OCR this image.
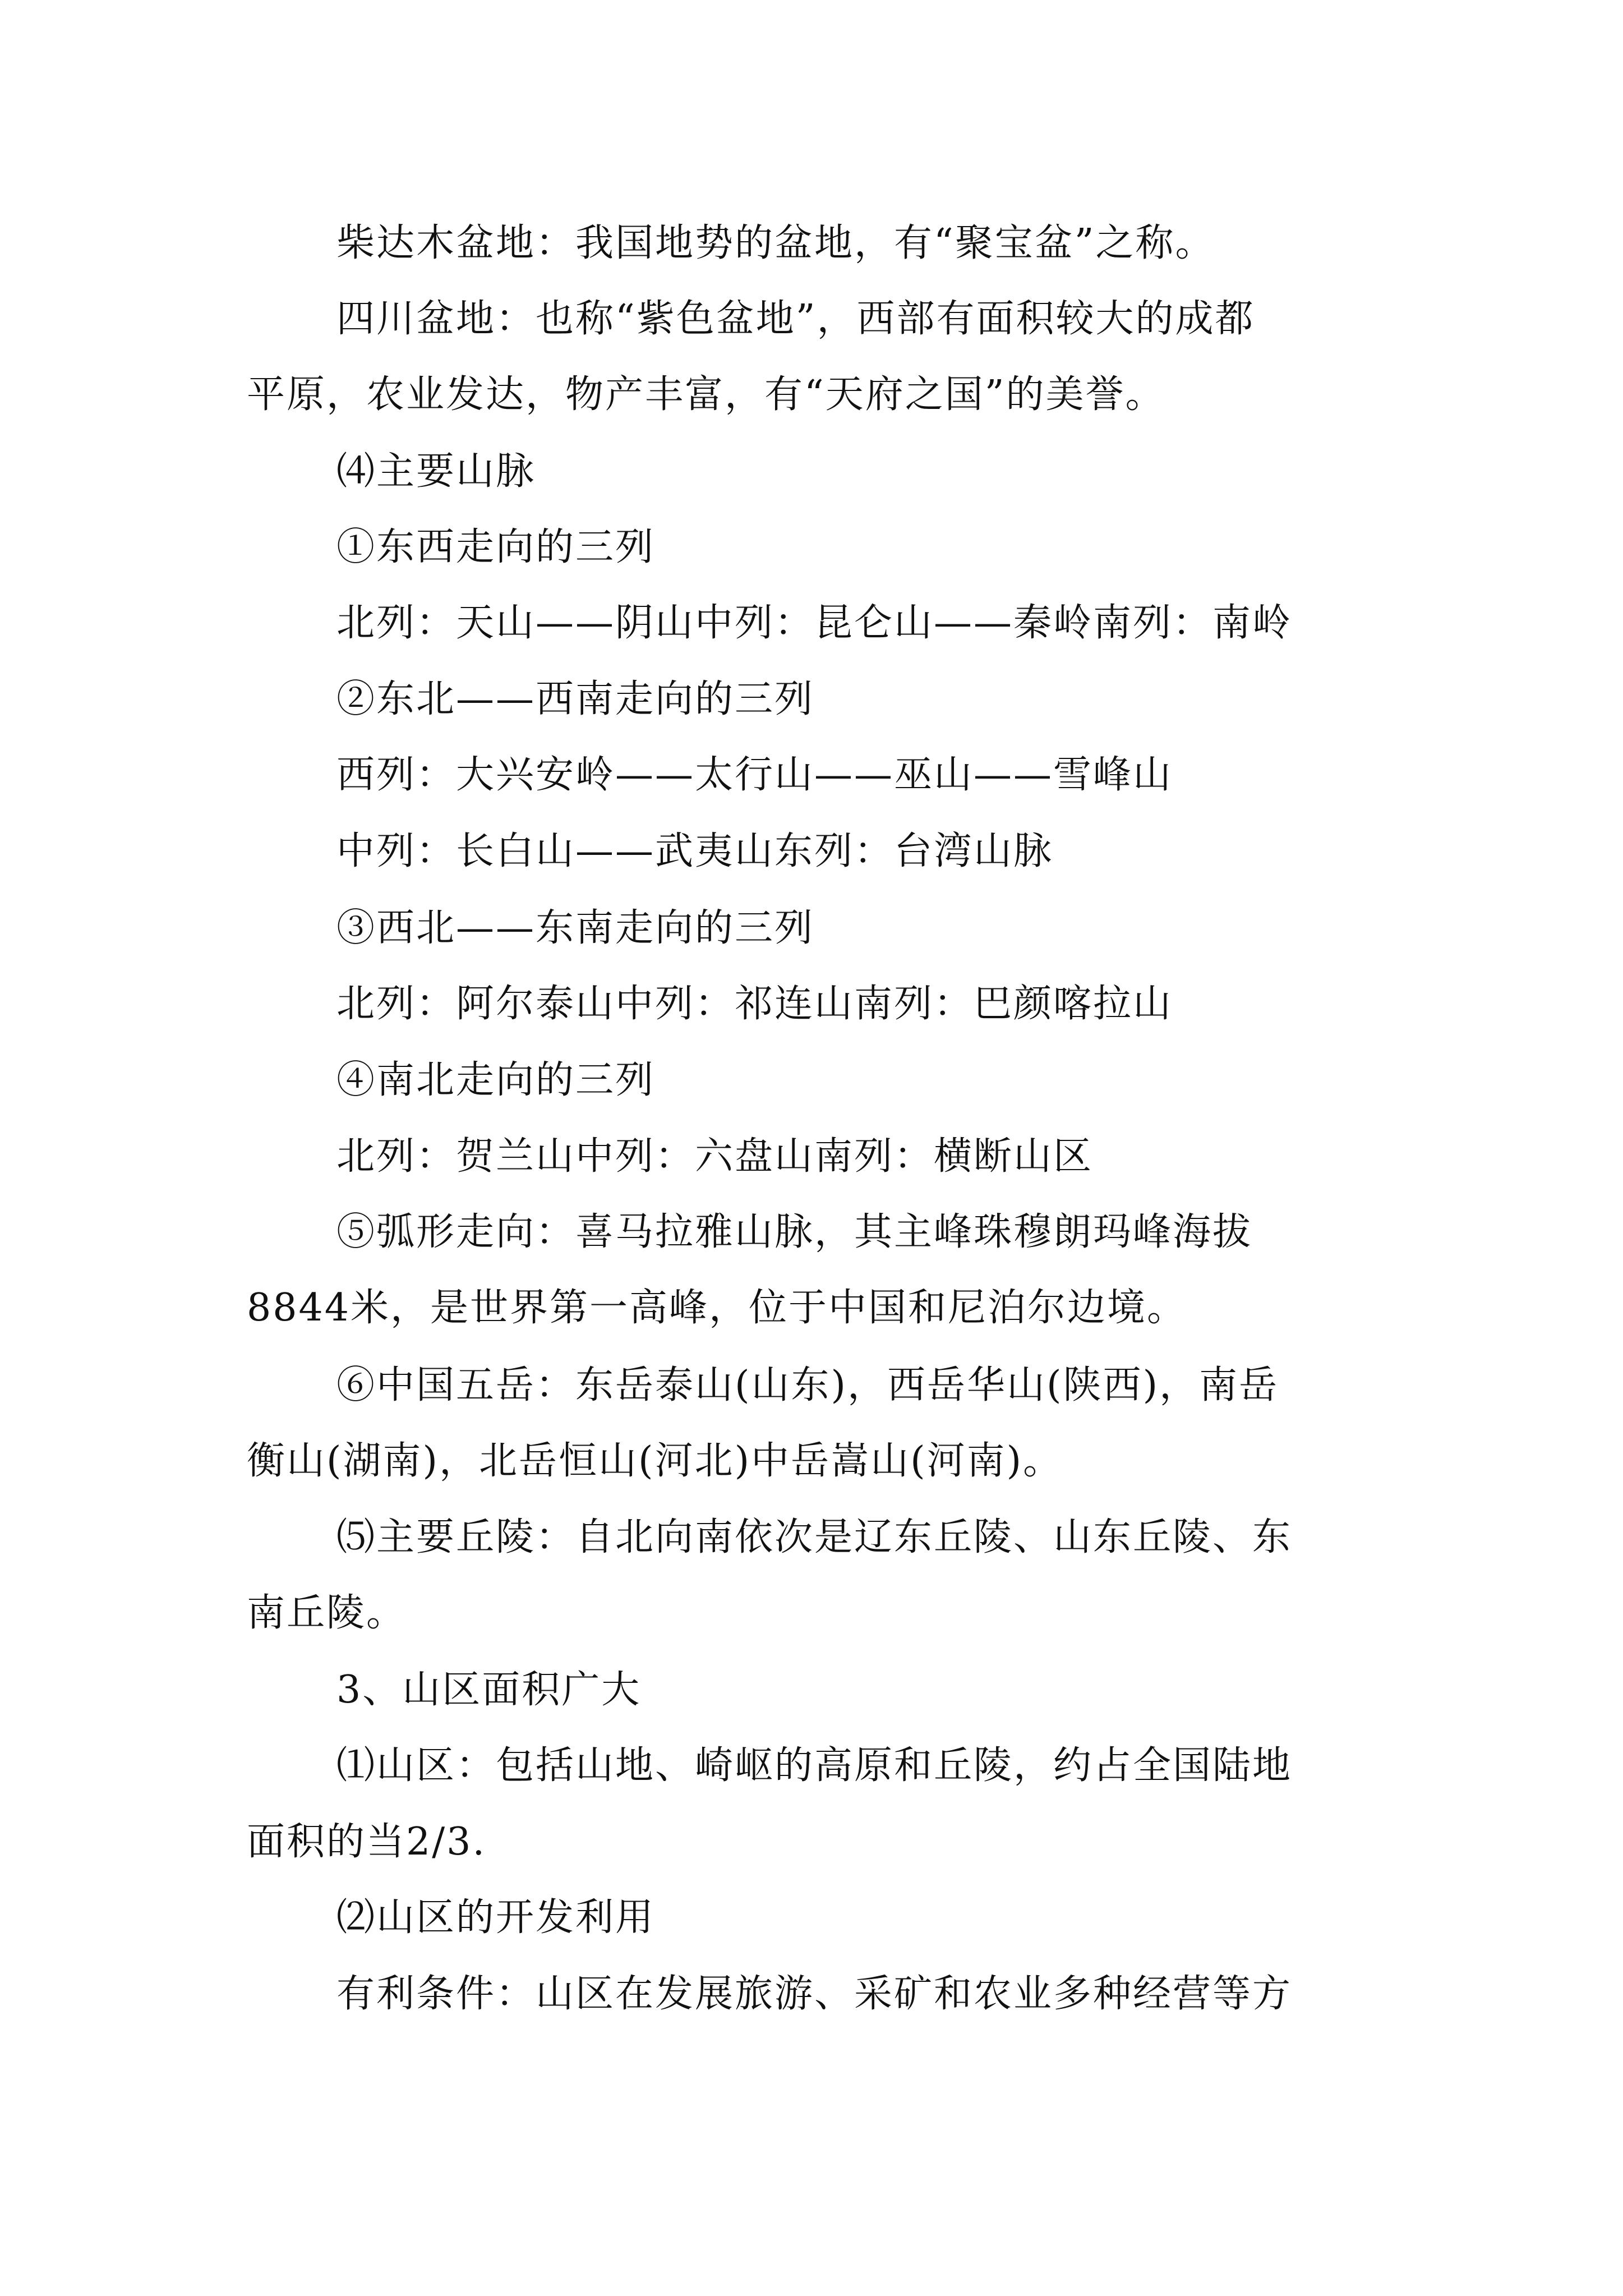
柴达木盆地：我国地势的盆地，有“聚宝盆”之称。
四川盆地：也称“紫色盆地”，西部有面积较大的成都
平原，农业发达，物产丰富，有“天府之国”的美誉。
⑷主要山脉
①东西走向的三列
北列：天山——阴山中列：昆仑山——秦岭南列：南岭
②东北——西南走向的三列
西列：大兴安岭——太行山——巫山——雪峰山
中列：长白山——武夷山东列：台湾山脉
③西北——东南走向的三列
北列：阿尔泰山中列：祁连山南列：巴颜喀拉山
④南北走向的三列
北列：贺兰山中列：六盘山南列：横断山区
⑤弧形走向：喜马拉雅山脉，其主峰珠穆朗玛峰海拔
8844米，是世界第一高峰，位于中国和尼泊尔边境。
⑥中国五岳：东岳泰山(山东)，西岳华山(陕西)，南岳
衡山(湖南)，北岳恒山(河北)中岳嵩山(河南)。
⑸主要丘陵：自北向南依次是辽东丘陵、山东丘陵、东
南丘陵。
3、山区面积广大
⑴山区：包括山地、崎岖的高原和丘陵，约占全国陆地
面积的当2/3.
⑵山区的开发利用
有利条件：山区在发展旅游、采矿和农业多种经营等方
